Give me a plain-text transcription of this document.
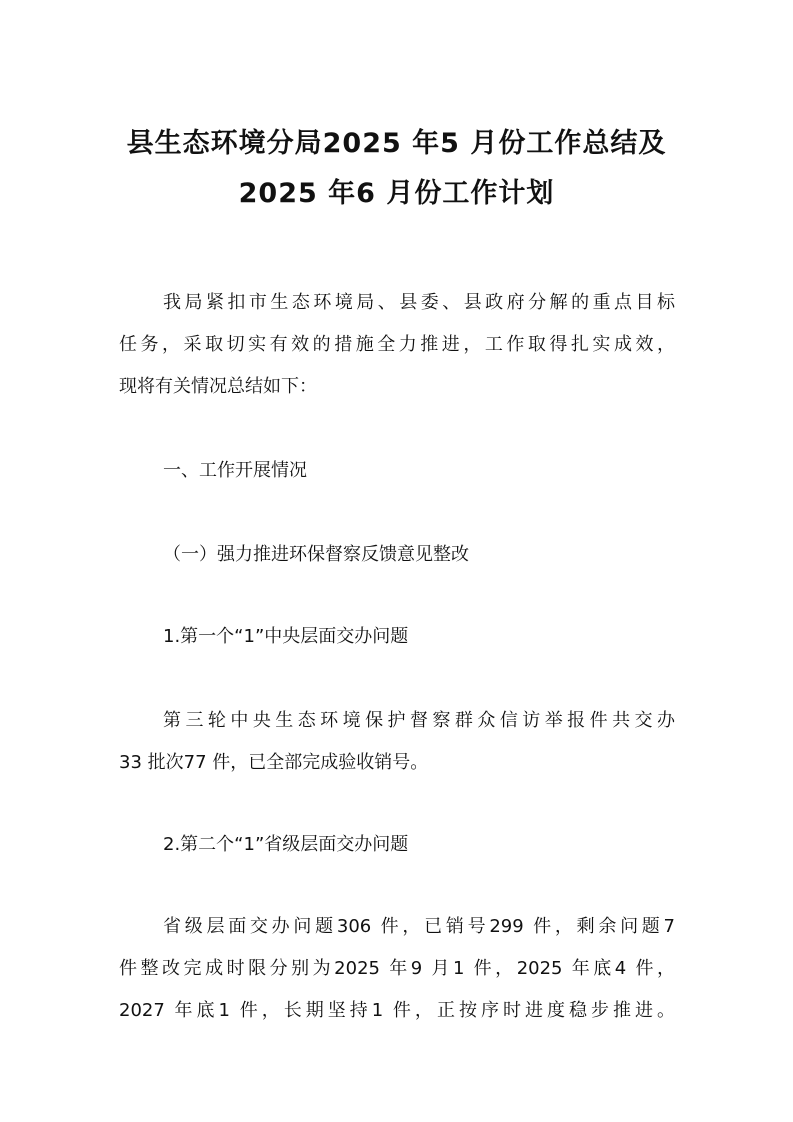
县生态环境分局2025 年5 月份工作总结及
2025 年6 月份工作计划
我局紧扣市生态环境局、县委、县政府分解的重点目标
任务，采取切实有效的措施全力推进，工作取得扎实成效，
现将有关情况总结如下：
一、工作开展情况
（一）强力推进环保督察反馈意见整改
1.第一个“1”中央层面交办问题
第三轮中央生态环境保护督察群众信访举报件共交办
33 批次77 件，已全部完成验收销号。
2.第二个“1”省级层面交办问题
省级层面交办问题306 件，已销号299 件，剩余问题7
件整改完成时限分别为2025 年9 月1 件，2025 年底4 件，
2027 年底1 件，长期坚持1 件，正按序时进度稳步推进。
